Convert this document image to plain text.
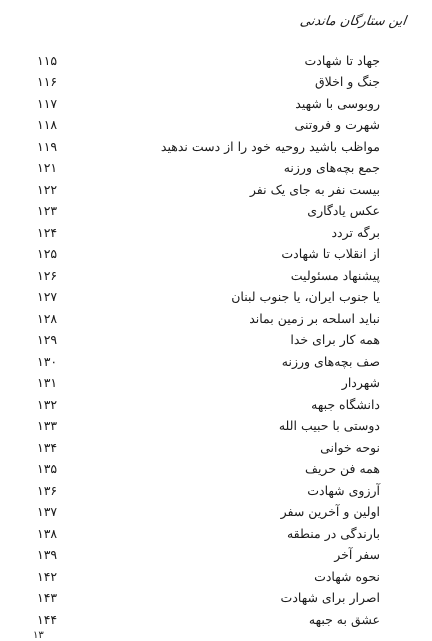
این ستارگان ماندنی
جهاد تا شهادت
۱۱۵
جنگ و اخلاق
۱۱۶
روبوسی با شهید
۱۱۷
شهرت و فروتنی
۱۱۸
مواظب باشید روحیه خود را از دست ندهید
۱۱۹
جمع بچه‌های ورزنه
۱۲۱
بیست نفر به جای یک نفر
۱۲۲
عکس یادگاری
۱۲۳
برگه تردد
۱۲۴
از انقلاب تا شهادت
۱۲۵
پیشنهاد مسئولیت
۱۲۶
یا جنوب ایران، یا جنوب لبنان
۱۲۷
نباید اسلحه بر زمین بماند
۱۲۸
همه کار برای خدا
۱۲۹
صف بچه‌های ورزنه
۱۳۰
شهردار
۱۳۱
دانشگاه جبهه
۱۳۲
دوستی با حبیب الله
۱۳۳
نوحه خوانی
۱۳۴
همه فن حریف
۱۳۵
آرزوی شهادت
۱۳۶
اولین و آخرین سفر
۱۳۷
بارندگی در منطقه
۱۳۸
سفر آخر
۱۳۹
نحوه شهادت
۱۴۲
اصرار برای شهادت
۱۴۳
عشق به جبهه
۱۴۴
۱۳
